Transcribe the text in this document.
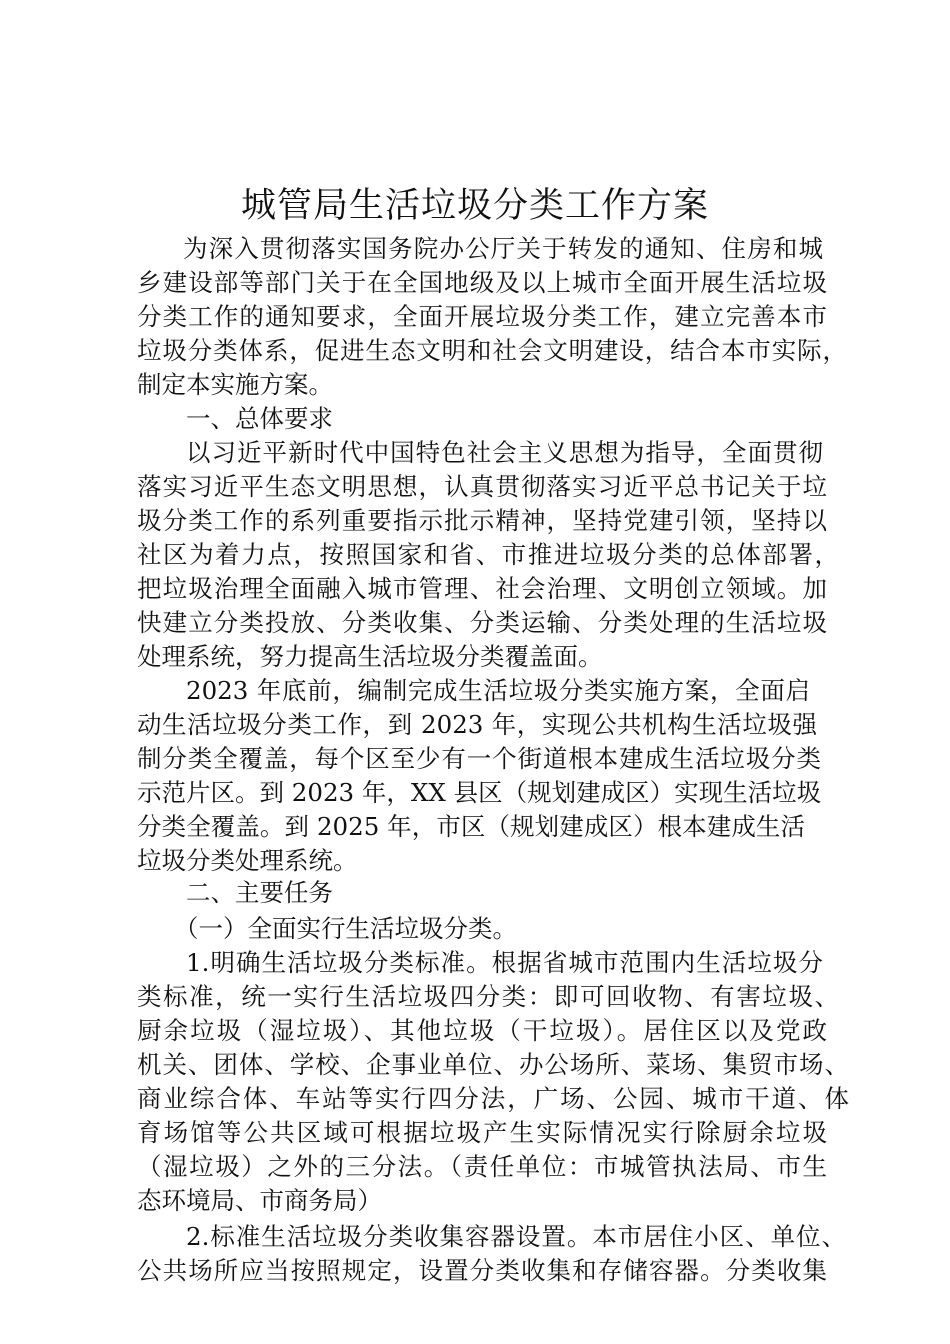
城管局生活垃圾分类工作方案
为深入贯彻落实国务院办公厅关于转发的通知、住房和城
乡建设部等部门关于在全国地级及以上城市全面开展生活垃圾
分类工作的通知要求，全面开展垃圾分类工作，建立完善本市
垃圾分类体系，促进生态文明和社会文明建设，结合本市实际，
制定本实施方案。
一、总体要求
以习近平新时代中国特色社会主义思想为指导，全面贯彻
落实习近平生态文明思想，认真贯彻落实习近平总书记关于垃
圾分类工作的系列重要指示批示精神，坚持党建引领，坚持以
社区为着力点，按照国家和省、市推进垃圾分类的总体部署，
把垃圾治理全面融入城市管理、社会治理、文明创立领域。加
快建立分类投放、分类收集、分类运输、分类处理的生活垃圾
处理系统，努力提高生活垃圾分类覆盖面。
2023 年底前，编制完成生活垃圾分类实施方案，全面启
动生活垃圾分类工作，到 2023 年，实现公共机构生活垃圾强
制分类全覆盖，每个区至少有一个街道根本建成生活垃圾分类
示范片区。到 2023 年，XX 县区（规划建成区）实现生活垃圾
分类全覆盖。到 2025 年，市区（规划建成区）根本建成生活
垃圾分类处理系统。
二、主要任务
（一）全面实行生活垃圾分类。
1.明确生活垃圾分类标准。根据省城市范围内生活垃圾分
类标准，统一实行生活垃圾四分类：即可回收物、有害垃圾、
厨余垃圾（湿垃圾）、其他垃圾（干垃圾）。居住区以及党政
机关、团体、学校、企事业单位、办公场所、菜场、集贸市场、
商业综合体、车站等实行四分法，广场、公园、城市干道、体
育场馆等公共区域可根据垃圾产生实际情况实行除厨余垃圾
（湿垃圾）之外的三分法。（责任单位：市城管执法局、市生
态环境局、市商务局）
2.标准生活垃圾分类收集容器设置。本市居住小区、单位、
公共场所应当按照规定，设置分类收集和存储容器。分类收集
